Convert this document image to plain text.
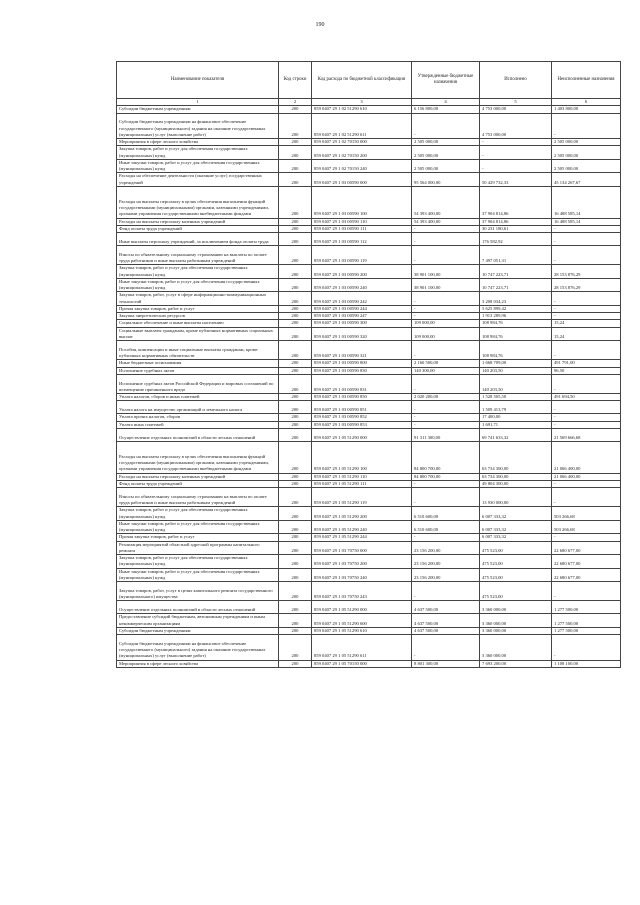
190
Наименование показателя	Код строки	Код расхода по бюджетной классификации	Утвержденные бюджетные назначения	Исполнено	Неисполненные назначения
1	2	3	4	5	6
Субсидии бюджетным учреждениям	200	859 0407 29 1 02 51290 610	6 156 800,00	4 753 000,00	1 403 800,00
Субсидии бюджетным учреждениям на финансовое обеспечение государственного (муниципального) задания на оказание государственных (муниципальных) услуг (выполнение работ)	200	859 0407 29 1 02 51290 611	-	4 753 000,00	-
Мероприятия в сфере лесного хозяйства	200	859 0407 29 1 02 70150 000	2 505 000,00	-	2 505 000,00
Закупка товаров, работ и услуг для обеспечения государственных (муниципальных) нужд	200	859 0407 29 1 02 70150 200	2 505 000,00	-	2 505 000,00
Иные закупки товаров, работ и услуг для обеспечения государственных (муниципальных) нужд	200	859 0407 29 1 02 70150 240	2 505 000,00	-	2 505 000,00
Расходы на обеспечение деятельности (оказание услуг) государственных учреждений	200	859 0407 29 1 03 00590 000	95 564 000,00	50 429 732,33	45 134 267,67
Расходы на выплаты персоналу в целях обеспечения выполнения функций государственными (муниципальными) органами, казенными учреждениями, органами управления государственными внебюджетными фондами	200	859 0407 29 1 03 00590 100	54 393 400,00	37 904 814,86	16 488 585,14
Расходы на выплаты персоналу казенных учреждений	200	859 0407 29 1 03 00590 110	54 393 400,00	37 904 814,86	16 488 585,14
Фонд оплаты труда учреждений	200	859 0407 29 1 03 00590 111	-	30 231 180,61	-
Иные выплаты персоналу учреждений, за исключением фонда оплаты труда	200	859 0407 29 1 03 00590 112	-	176 582,92	-
Взносы по обязательному социальному страхованию на выплаты по оплате труда работников и иные выплаты работникам учреждений	200	859 0407 29 1 03 00590 119	-	7 497 051,31	-
Закупка товаров, работ и услуг для обеспечения государственных (муниципальных) нужд	200	859 0407 29 1 03 00590 200	38 901 100,00	10 747 223,71	28 153 876,29
Иные закупки товаров, работ и услуг для обеспечения государственных (муниципальных) нужд	200	859 0407 29 1 03 00590 240	38 901 100,00	10 747 223,71	28 153 876,29
Закупка товаров, работ, услуг в сфере информационно-коммуникационных технологий	200	859 0407 29 1 03 00590 242	-	3 208 034,23	-
Прочая закупка товаров, работ и услуг	200	859 0407 29 1 03 00590 244	-	5 625 899,42	-
Закупка энергетических ресурсов	200	859 0407 29 1 03 00590 247	-	1 913 289,96	-
Социальное обеспечение и иные выплаты населению	200	859 0407 29 1 03 00590 300	109 000,00	108 984,76	15,24
Социальные выплаты гражданам, кроме публичных нормативных социальных выплат	200	859 0407 29 1 03 00590 320	109 000,00	108 984,76	15,24
Пособия, компенсации и иные социальные выплаты гражданам, кроме публичных нормативных обязательств	200	859 0407 29 1 03 00590 321	-	108 984,76	-
Иные бюджетные ассигнования	200	859 0407 29 1 03 00590 800	2 160 500,00	1 668 709,00	491 791,00
Исполнение судебных актов	200	859 0407 29 1 03 00590 830	140 300,00	140 203,50	96,50
Исполнение судебных актов Российской Федерации и мировых соглашений по возмещению причиненного вреда	200	859 0407 29 1 03 00590 831	-	140 203,50	-
Уплата налогов, сборов и иных платежей	200	859 0407 29 1 03 00590 850	2 020 200,00	1 528 505,50	491 694,50
Уплата налога на имущество организаций и земельного налога	200	859 0407 29 1 03 00590 851	-	1 509 413,79	-
Уплата прочих налогов, сборов	200	859 0407 29 1 03 00590 852	-	17 400,00	-
Уплата иных платежей	200	859 0407 29 1 03 00590 853	-	1 691,71	-
Осуществление отдельных полномочий в области лесных отношений	200	859 0407 29 1 05 51290 000	91 311 300,00	69 741 633,32	21 569 666,68
Расходы на выплаты персоналу в целях обеспечения выполнения функций государственными (муниципальными) органами, казенными учреждениями, органами управления государственными внебюджетными фондами	200	859 0407 29 1 05 51290 100	84 800 700,00	63 734 300,00	21 066 400,00
Расходы на выплаты персоналу казенных учреждений	200	859 0407 29 1 05 51290 110	84 800 700,00	63 734 300,00	21 066 400,00
Фонд оплаты труда учреждений	200	859 0407 29 1 05 51290 111	-	49 804 300,00	-
Взносы по обязательному социальному страхованию на выплаты по оплате труда работников и иные выплаты работникам учреждений	200	859 0407 29 1 05 51290 119	-	13 930 000,00	-
Закупка товаров, работ и услуг для обеспечения государственных (муниципальных) нужд	200	859 0407 29 1 05 51290 200	6 510 600,00	6 007 333,32	503 266,68
Иные закупки товаров, работ и услуг для обеспечения государственных (муниципальных) нужд	200	859 0407 29 1 05 51290 240	6 510 600,00	6 007 333,32	503 266,68
Прочая закупка товаров, работ и услуг	200	859 0407 29 1 05 51290 244	-	6 007 333,32	-
Реализация мероприятий областной адресной программы капитального ремонта	200	859 0407 29 1 03 70750 000	23 156 200,00	475 523,00	22 680 677,00
Закупка товаров, работ и услуг для обеспечения государственных (муниципальных) нужд	200	859 0407 29 1 03 70750 200	23 156 200,00	475 523,00	22 680 677,00
Иные закупки товаров, работ и услуг для обеспечения государственных (муниципальных) нужд	200	859 0407 29 1 03 70750 240	23 156 200,00	475 523,00	22 680 677,00
Закупка товаров, работ, услуг в целях капитального ремонта государственного (муниципального) имущества	200	859 0407 29 1 03 70750 243	-	475 523,00	-
Осуществление отдельных полномочий в области лесных отношений	200	859 0407 29 1 05 51290 000	4 637 500,00	3 360 000,00	1 277 500,00
Предоставление субсидий бюджетным, автономным учреждениям и иным некоммерческим организациям	200	859 0407 29 1 05 51290 600	4 637 500,00	3 360 000,00	1 277 500,00
Субсидии бюджетным учреждениям	200	859 0407 29 1 05 51290 610	4 637 500,00	3 360 000,00	1 277 500,00
Субсидии бюджетным учреждениям на финансовое обеспечение государственного (муниципального) задания на оказание государственных (муниципальных) услуг (выполнение работ)	200	859 0407 29 1 05 51290 611	-	3 360 000,00	-
Мероприятия в сфере лесного хозяйства	200	859 0407 29 1 05 70150 000	8 801 300,00	7 693 200,00	1 108 100,00
